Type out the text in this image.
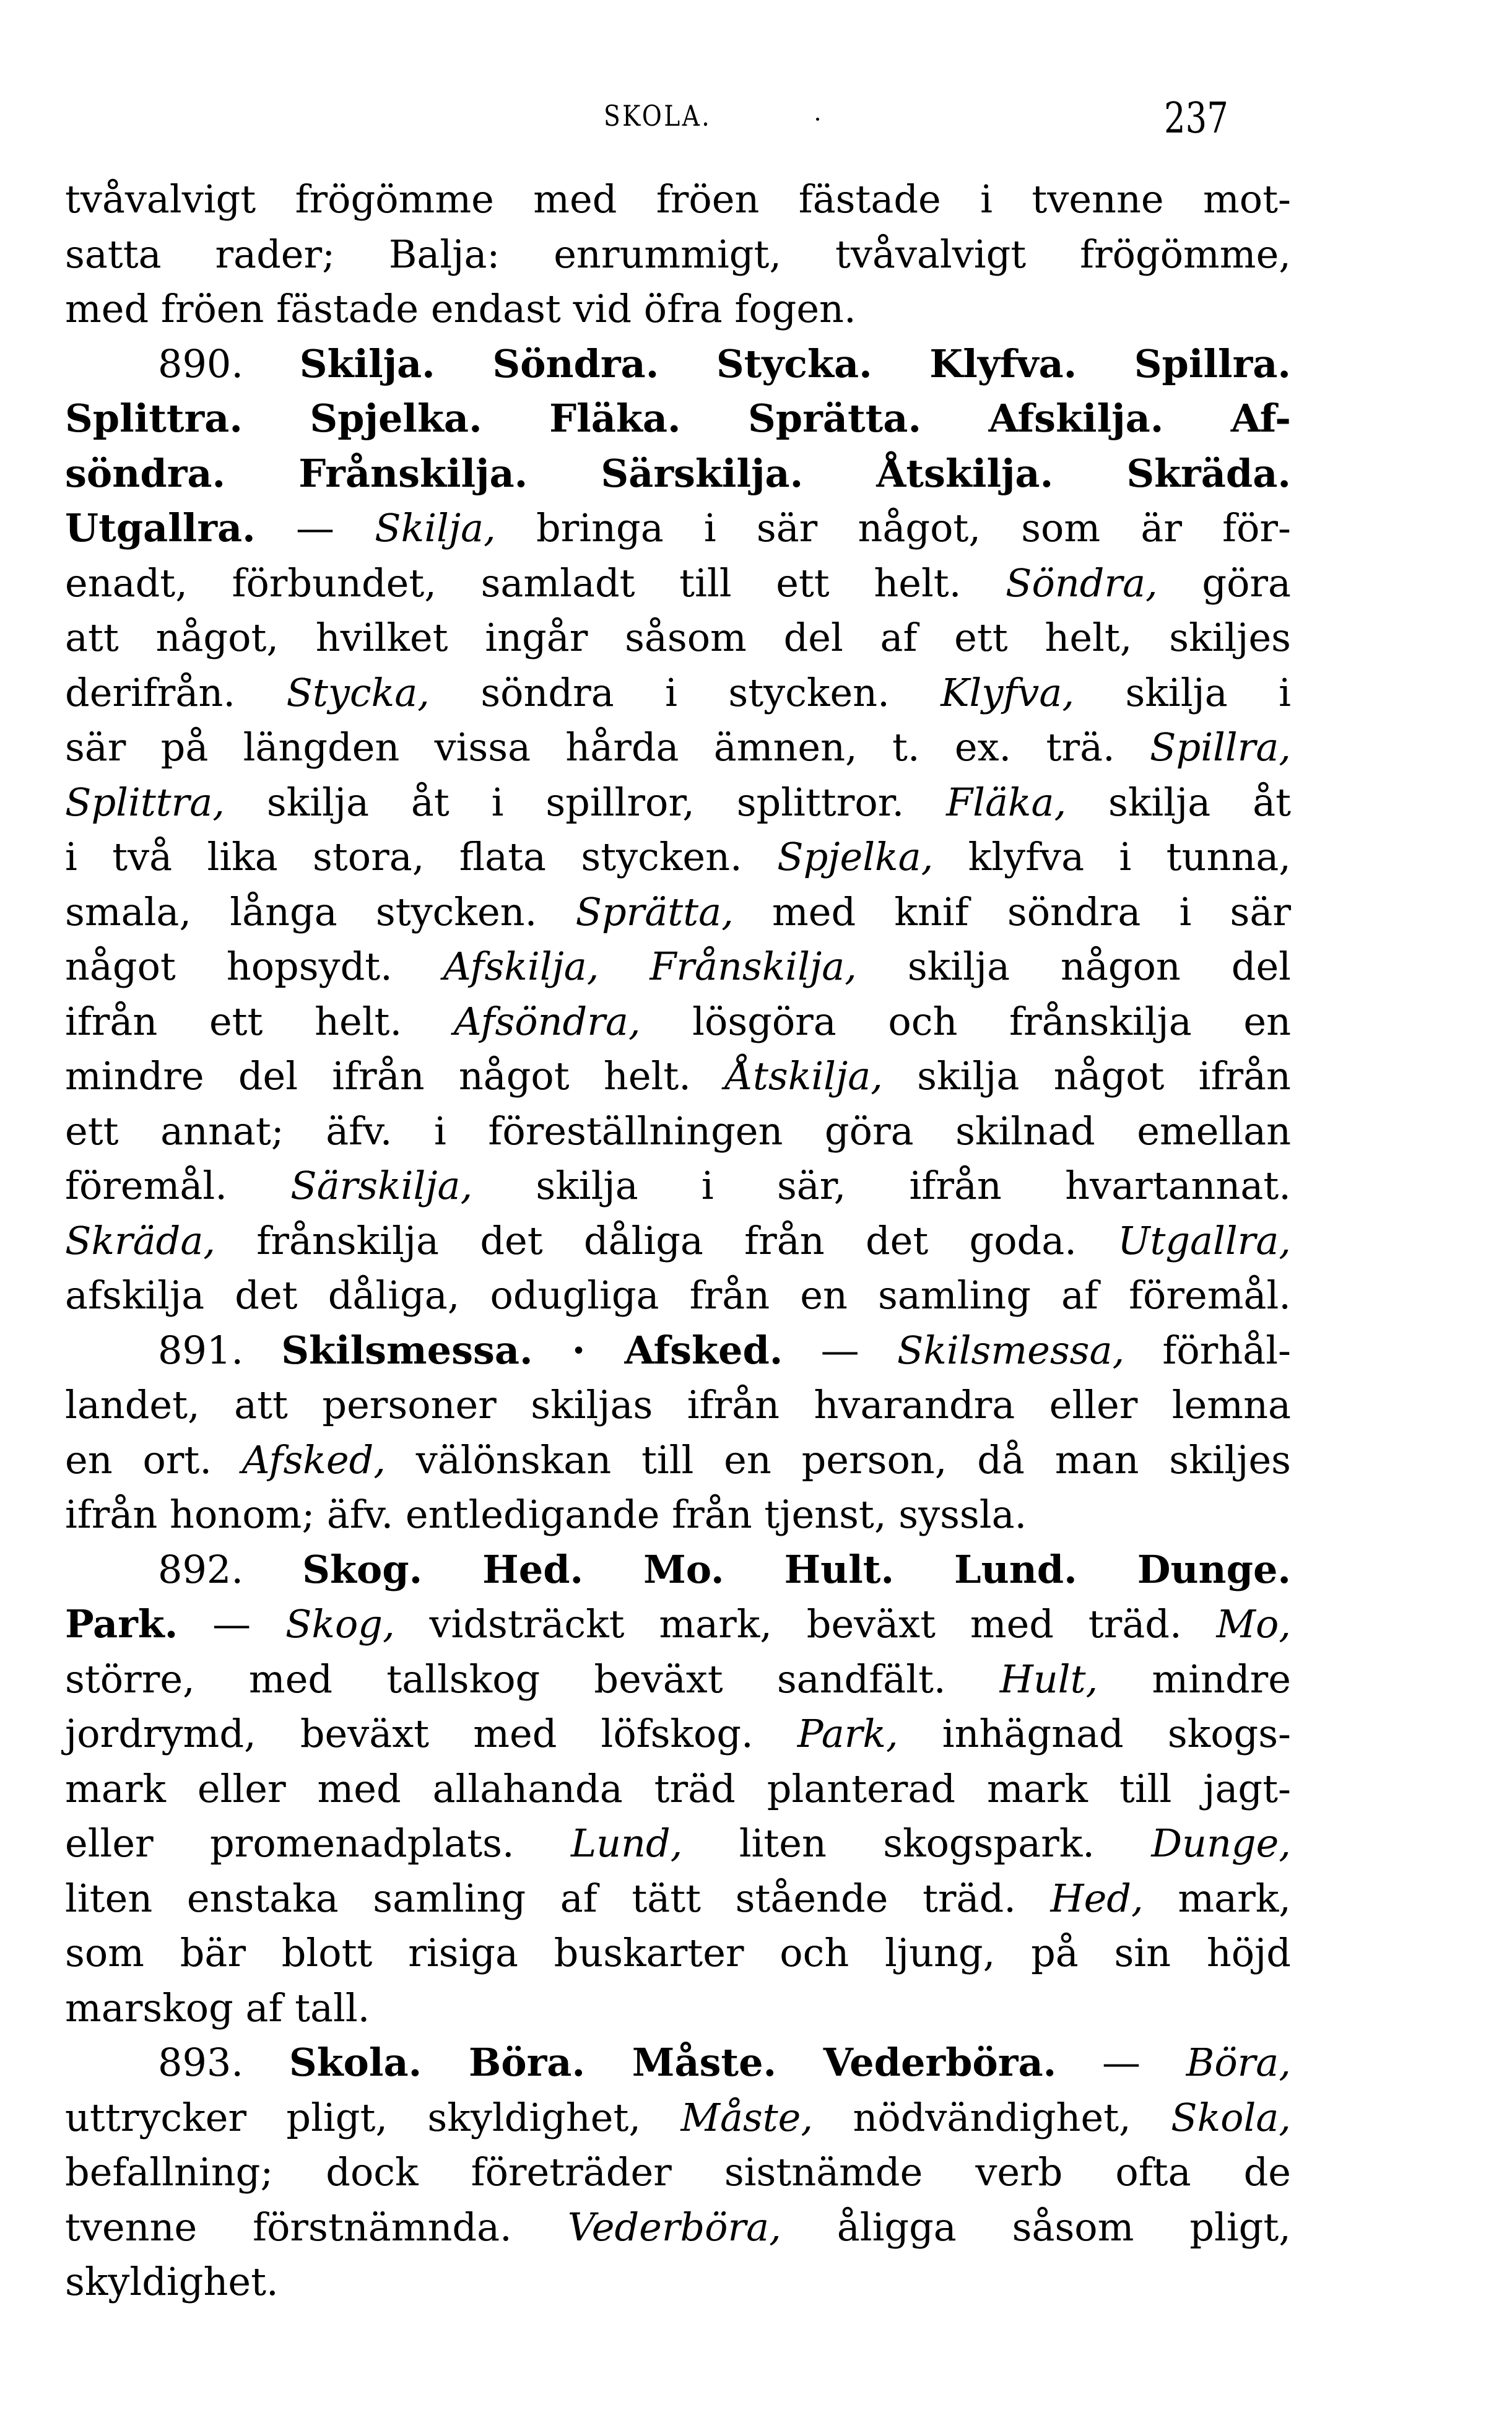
SKOLA.	237
tvåvalvigt frögömme med fröen fästade i tvenne mot-
satta rader; Balja: enrummigt, tvåvalvigt frögömme,
med fröen fästade endast vid öfra fogen.
890. Skilja. Söndra. Stycka. Klyfva. Spillra.
Splittra. Spjelka. Fläka. Sprätta. Afskilja. Af-
söndra. Frånskilja. Särskilja. Åtskilja. Skräda.
Utgallra. — Skilja, bringa i sär något, som är för-
enadt, förbundet, samladt till ett helt. Söndra, göra
att något, hvilket ingår såsom del af ett helt, skiljes
derifrån. Stycka, söndra i stycken. Klyfva, skilja i
sär på längden vissa hårda ämnen, t. ex. trä. Spillra,
Splittra, skilja åt i spillror, splittror. Fläka, skilja åt
i två lika stora, flata stycken. Spjelka, klyfva i tunna,
smala, långa stycken. Sprätta, med knif söndra i sär
något hopsydt. Afskilja, Frånskilja, skilja någon del
ifrån ett helt. Afsöndra, lösgöra och frånskilja en
mindre del ifrån något helt. Åtskilja, skilja något ifrån
ett annat; äfv. i föreställningen göra skilnad emellan
föremål. Särskilja, skilja i sär, ifrån hvartannat.
Skräda, frånskilja det dåliga från det goda. Utgallra,
afskilja det dåliga, odugliga från en samling af föremål.
891. Skilsmessa. · Afsked. — Skilsmessa, förhål-
landet, att personer skiljas ifrån hvarandra eller lemna
en ort. Afsked, välönskan till en person, då man skiljes
ifrån honom; äfv. entledigande från tjenst, syssla.
892. Skog. Hed. Mo. Hult. Lund. Dunge.
Park. — Skog, vidsträckt mark, beväxt med träd. Mo,
större, med tallskog beväxt sandfält. Hult, mindre
jordrymd, beväxt med löfskog. Park, inhägnad skogs-
mark eller med allahanda träd planterad mark till jagt-
eller promenadplats. Lund, liten skogspark. Dunge,
liten enstaka samling af tätt stående träd. Hed, mark,
som bär blott risiga buskarter och ljung, på sin höjd
marskog af tall.
893. Skola. Böra. Måste. Vederböra. — Böra,
uttrycker pligt, skyldighet, Måste, nödvändighet, Skola,
befallning; dock företräder sistnämde verb ofta de
tvenne förstnämnda. Vederböra, åligga såsom pligt,
skyldighet.
